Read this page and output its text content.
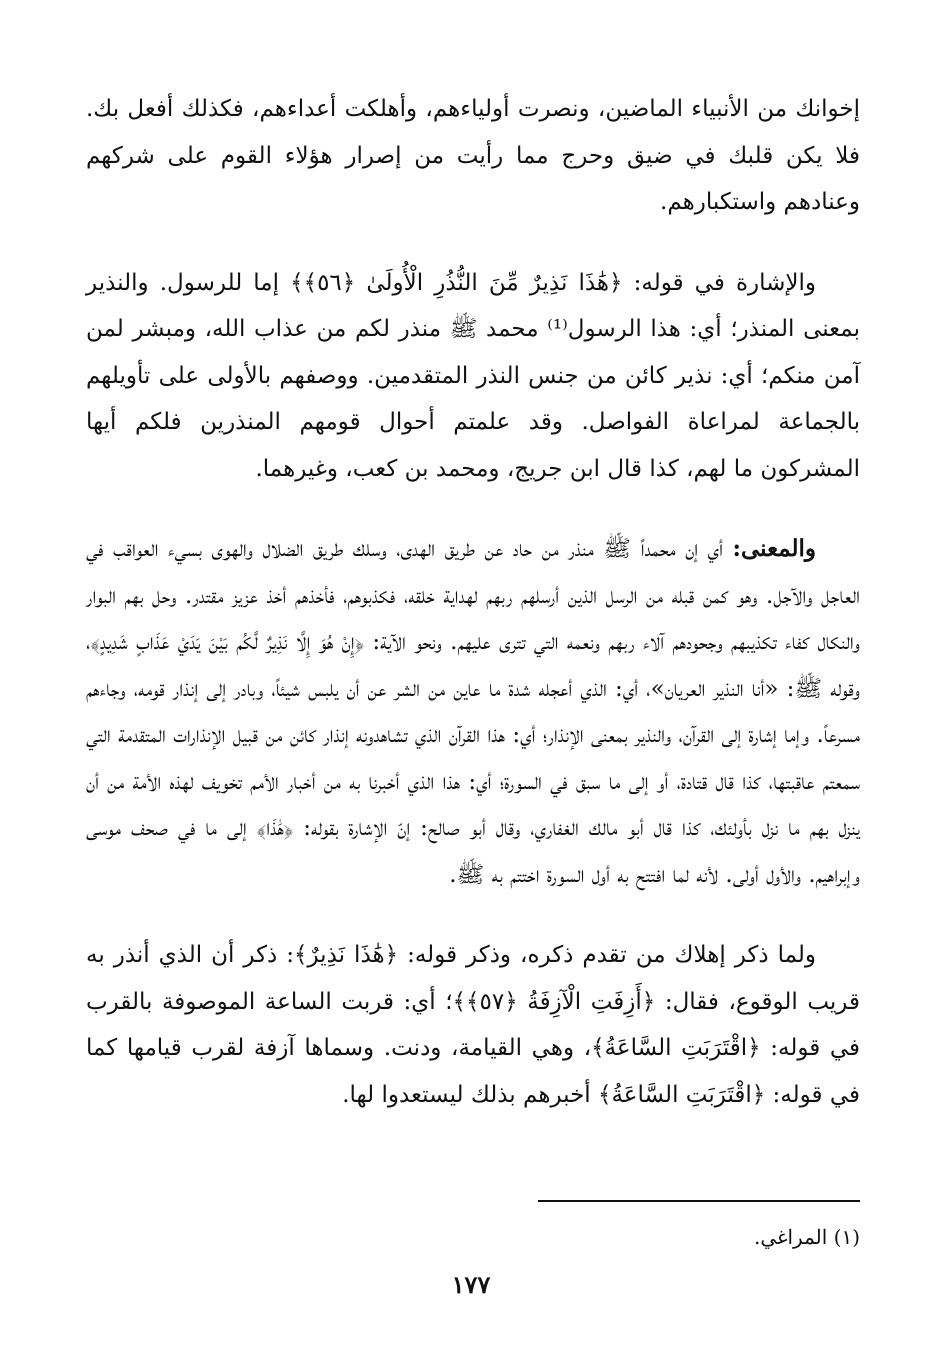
إخوانك من الأنبياء الماضين، ونصرت أولياءهم، وأهلكت أعداءهم، فكذلك أفعل بك. فلا يكن قلبك في ضيق وحرج مما رأيت من إصرار هؤلاء القوم على شركهم وعنادهم واستكبارهم.

والإشارة في قوله: ﴿هَٰذَا نَذِيرٌ مِّنَ النُّذُرِ الْأُولَىٰ ﴿٥٦﴾﴾ إما للرسول. والنذير بمعنى المنذر؛ أي: هذا الرسول⁽¹⁾ محمد ﷺ منذر لكم من عذاب الله، ومبشر لمن آمن منكم؛ أي: نذير كائن من جنس النذر المتقدمين. ووصفهم بالأولى على تأويلهم بالجماعة لمراعاة الفواصل. وقد علمتم أحوال قومهم المنذرين فلكم أيها المشركون ما لهم، كذا قال ابن جريج، ومحمد بن كعب، وغيرهما.

والمعنى: أي إن محمداً ﷺ منذر من حاد عن طريق الهدى، وسلك طريق الضلال والهوى بسيء العواقب في العاجل والآجل. وهو كمن قبله من الرسل الذين أرسلهم ربهم لهداية خلقه، فكذبوهم، فأخذهم أخذ عزيز مقتدر. وحل بهم البوار والنكال كفاء تكذيبهم وجحودهم آلاء ربهم ونعمه التي تترى عليهم. ونحو الآية: ﴿إِنْ هُوَ إِلَّا نَذِيرٌ لَّكُم بَيْنَ يَدَيْ عَذَابٍ شَدِيدٍ﴾، وقوله ﷺ: «أنا النذير العريان»، أي: الذي أعجله شدة ما عاين من الشر عن أن يلبس شيئاً، وبادر إلى إنذار قومه، وجاءهم مسرعاً. وإما إشارة إلى القرآن، والنذير بمعنى الإنذار؛ أي: هذا القرآن الذي تشاهدونه إنذار كائن من قبيل الإنذارات المتقدمة التي سمعتم عاقبتها، كذا قال قتادة، أو إلى ما سبق في السورة؛ أي: هذا الذي أخبرنا به من أخبار الأمم تخويف لهذه الأمة من أن ينزل بهم ما نزل بأولئك، كذا قال أبو مالك الغفاري، وقال أبو صالح: إنّ الإشارة بقوله: ﴿هَٰذَا﴾ إلى ما في صحف موسى وإبراهيم. والأول أولى. لأنه لما افتتح به أول السورة اختتم به ﷺ.

ولما ذكر إهلاك من تقدم ذكره، وذكر قوله: ﴿هَٰذَا نَذِيرٌ﴾: ذكر أن الذي أنذر به قريب الوقوع، فقال: ﴿أَزِفَتِ الْآزِفَةُ ﴿٥٧﴾﴾؛ أي: قربت الساعة الموصوفة بالقرب في قوله: ﴿اقْتَرَبَتِ السَّاعَةُ﴾، وهي القيامة، ودنت. وسماها آزفة لقرب قيامها كما في قوله: ﴿اقْتَرَبَتِ السَّاعَةُ﴾ أخبرهم بذلك ليستعدوا لها.

(١) المراغي.
١٧٧
